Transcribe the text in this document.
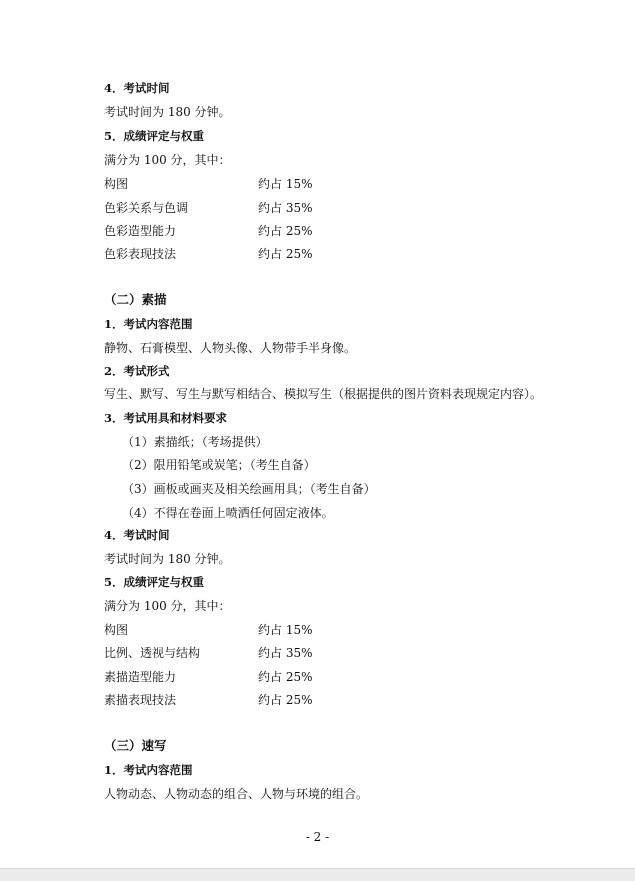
4．考试时间
考试时间为 180 分钟。
5．成绩评定与权重
满分为 100 分，其中：
构图	约占 15%
色彩关系与色调	约占 35%
色彩造型能力	约占 25%
色彩表现技法	约占 25%
（二）素描
1．考试内容范围
静物、石膏模型、人物头像、人物带手半身像。
2．考试形式
写生、默写、写生与默写相结合、模拟写生（根据提供的图片资料表现规定内容）。
3．考试用具和材料要求
（1）素描纸；（考场提供）
（2）限用铅笔或炭笔；（考生自备）
（3）画板或画夹及相关绘画用具；（考生自备）
（4）不得在卷面上喷洒任何固定液体。
4．考试时间
考试时间为 180 分钟。
5．成绩评定与权重
满分为 100 分，其中：
构图	约占 15%
比例、透视与结构	约占 35%
素描造型能力	约占 25%
素描表现技法	约占 25%
（三）速写
1．考试内容范围
人物动态、人物动态的组合、人物与环境的组合。
- 2 -
